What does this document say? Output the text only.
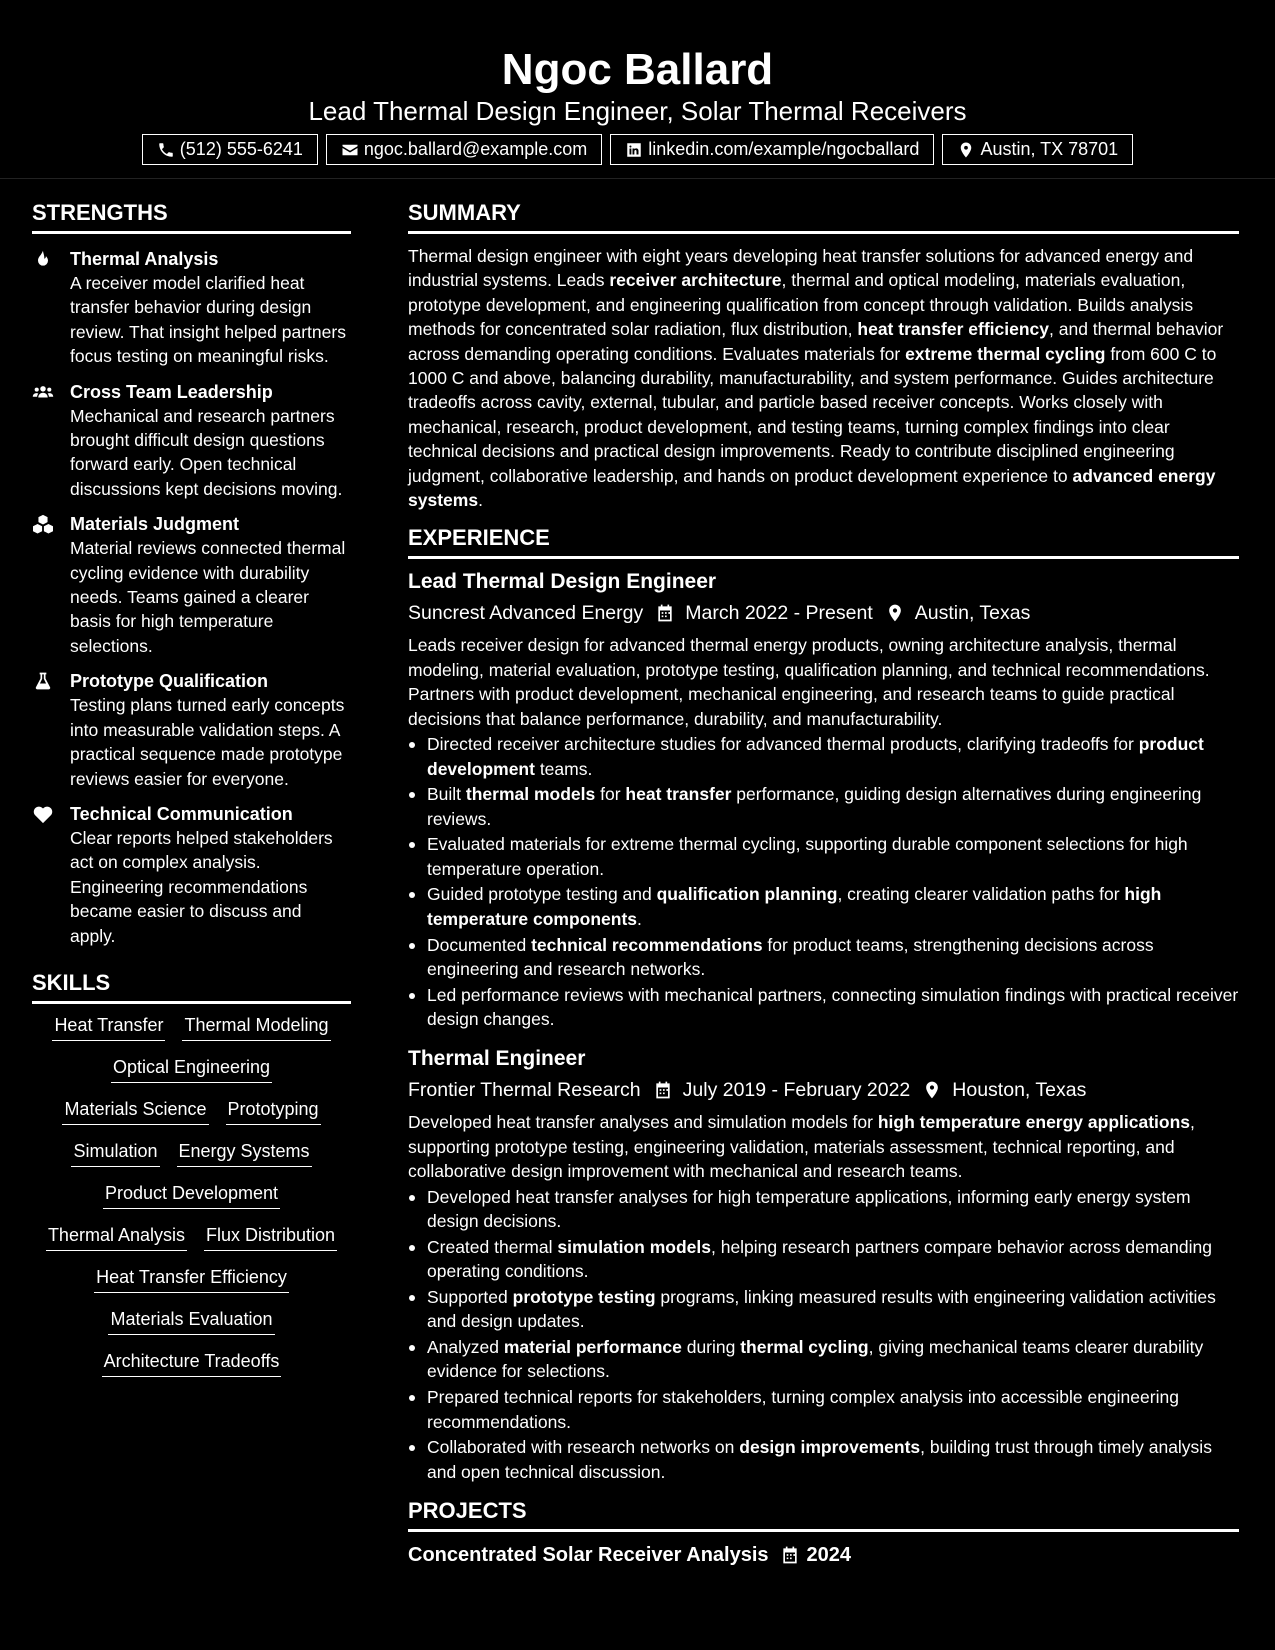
Ngoc Ballard
Lead Thermal Design Engineer, Solar Thermal Receivers
(512) 555-6241	ngoc.ballard@example.com	linkedin.com/example/ngocballard	Austin, TX 78701
STRENGTHS
Thermal Analysis
A receiver model clarified heat transfer behavior during design review. That insight helped partners focus testing on meaningful risks.
Cross Team Leadership
Mechanical and research partners brought difficult design questions forward early. Open technical discussions kept decisions moving.
Materials Judgment
Material reviews connected thermal cycling evidence with durability needs. Teams gained a clearer basis for high temperature selections.
Prototype Qualification
Testing plans turned early concepts into measurable validation steps. A practical sequence made prototype reviews easier for everyone.
Technical Communication
Clear reports helped stakeholders act on complex analysis. Engineering recommendations became easier to discuss and apply.
SKILLS
Heat Transfer Thermal Modeling
Optical Engineering
Materials Science Prototyping
Simulation Energy Systems
Product Development
Thermal Analysis Flux Distribution
Heat Transfer Efficiency
Materials Evaluation
Architecture Tradeoffs
SUMMARY

Thermal design engineer with eight years developing heat transfer solutions for advanced energy and industrial systems. Leads receiver architecture, thermal and optical modeling, materials evaluation, prototype development, and engineering qualification from concept through validation. Builds analysis methods for concentrated solar radiation, flux distribution, heat transfer efficiency, and thermal behavior across demanding operating conditions. Evaluates materials for extreme thermal cycling from 600 C to 1000 C and above, balancing durability, manufacturability, and system performance. Guides architecture tradeoffs across cavity, external, tubular, and particle based receiver concepts. Works closely with mechanical, research, product development, and testing teams, turning complex findings into clear technical decisions and practical design improvements. Ready to contribute disciplined engineering judgment, collaborative leadership, and hands on product development experience to advanced energy systems.

EXPERIENCE
Lead Thermal Design Engineer
Suncrest Advanced Energy March 2022 - Present Austin, Texas

Leads receiver design for advanced thermal energy products, owning architecture analysis, thermal modeling, material evaluation, prototype testing, qualification planning, and technical recommendations. Partners with product development, mechanical engineering, and research teams to guide practical decisions that balance performance, durability, and manufacturability.

Directed receiver architecture studies for advanced thermal products, clarifying tradeoffs for product development teams.
Built thermal models for heat transfer performance, guiding design alternatives during engineering reviews.
Evaluated materials for extreme thermal cycling, supporting durable component selections for high temperature operation.
Guided prototype testing and qualification planning, creating clearer validation paths for high temperature components.
Documented technical recommendations for product teams, strengthening decisions across engineering and research networks.
Led performance reviews with mechanical partners, connecting simulation findings with practical receiver design changes.
Thermal Engineer
Frontier Thermal Research July 2019 - February 2022 Houston, Texas

Developed heat transfer analyses and simulation models for high temperature energy applications, supporting prototype testing, engineering validation, materials assessment, technical reporting, and collaborative design improvement with mechanical and research teams.

Developed heat transfer analyses for high temperature applications, informing early energy system design decisions.
Created thermal simulation models, helping research partners compare behavior across demanding operating conditions.
Supported prototype testing programs, linking measured results with engineering validation activities and design updates.
Analyzed material performance during thermal cycling, giving mechanical teams clearer durability evidence for selections.
Prepared technical reports for stakeholders, turning complex analysis into accessible engineering recommendations.
Collaborated with research networks on design improvements, building trust through timely analysis and open technical discussion.
PROJECTS
Concentrated Solar Receiver Analysis 2024
